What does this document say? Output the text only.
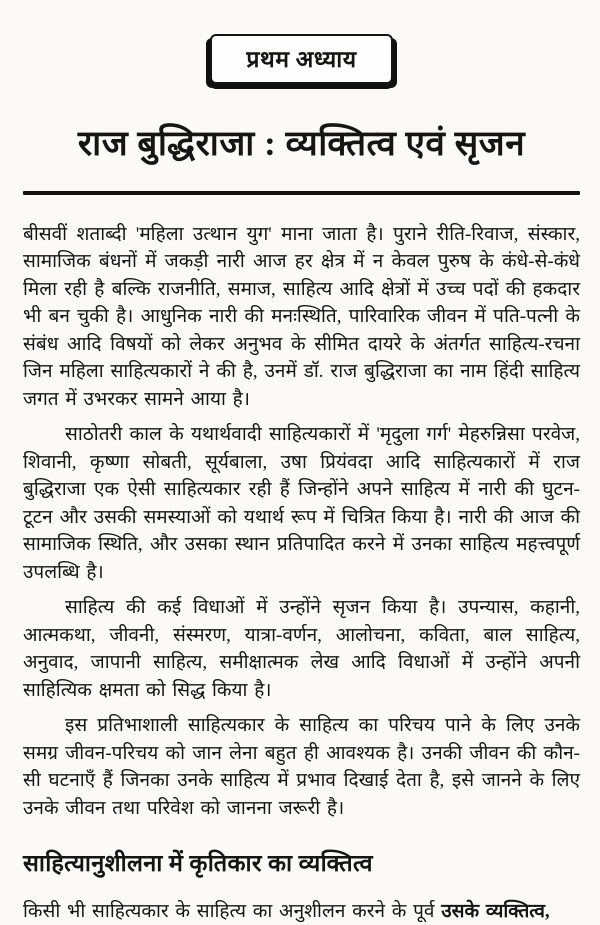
प्रथम अध्याय
राज बुद्धिराजा : व्यक्तित्व एवं सृजन

बीसवीं शताब्दी 'महिला उत्थान युग' माना जाता है। पुराने रीति-रिवाज, संस्कार, सामाजिक बंधनों में जकड़ी नारी आज हर क्षेत्र में न केवल पुरुष के कंधे-से-कंधे मिला रही है बल्कि राजनीति, समाज, साहित्य आदि क्षेत्रों में उच्च पदों की हकदार भी बन चुकी है। आधुनिक नारी की मनःस्थिति, पारिवारिक जीवन में पति-पत्नी के संबंध आदि विषयों को लेकर अनुभव के सीमित दायरे के अंतर्गत साहित्य-रचना जिन महिला साहित्यकारों ने की है, उनमें डॉ. राज बुद्धिराजा का नाम हिंदी साहित्य जगत में उभरकर सामने आया है।

साठोतरी काल के यथार्थवादी साहित्यकारों में 'मृदुला गर्ग' मेहरुन्निसा परवेज, शिवानी, कृष्णा सोबती, सूर्यबाला, उषा प्रियंवदा आदि साहित्यकारों में राज बुद्धिराजा एक ऐसी साहित्यकार रही हैं जिन्होंने अपने साहित्य में नारी की घुटन-टूटन और उसकी समस्याओं को यथार्थ रूप में चित्रित किया है। नारी की आज की सामाजिक स्थिति, और उसका स्थान प्रतिपादित करने में उनका साहित्य महत्त्वपूर्ण उपलब्धि है।

साहित्य की कई विधाओं में उन्होंने सृजन किया है। उपन्यास, कहानी, आत्मकथा, जीवनी, संस्मरण, यात्रा-वर्णन, आलोचना, कविता, बाल साहित्य, अनुवाद, जापानी साहित्य, समीक्षात्मक लेख आदि विधाओं में उन्होंने अपनी साहित्यिक क्षमता को सिद्ध किया है।

इस प्रतिभाशाली साहित्यकार के साहित्य का परिचय पाने के लिए उनके समग्र जीवन-परिचय को जान लेना बहुत ही आवश्यक है। उनकी जीवन की कौन-सी घटनाएँ हैं जिनका उनके साहित्य में प्रभाव दिखाई देता है, इसे जानने के लिए उनके जीवन तथा परिवेश को जानना जरूरी है।

साहित्यानुशीलना में कृतिकार का व्यक्तित्व

किसी भी साहित्यकार के साहित्य का अनुशीलन करने के पूर्व उसके व्यक्तित्व,
